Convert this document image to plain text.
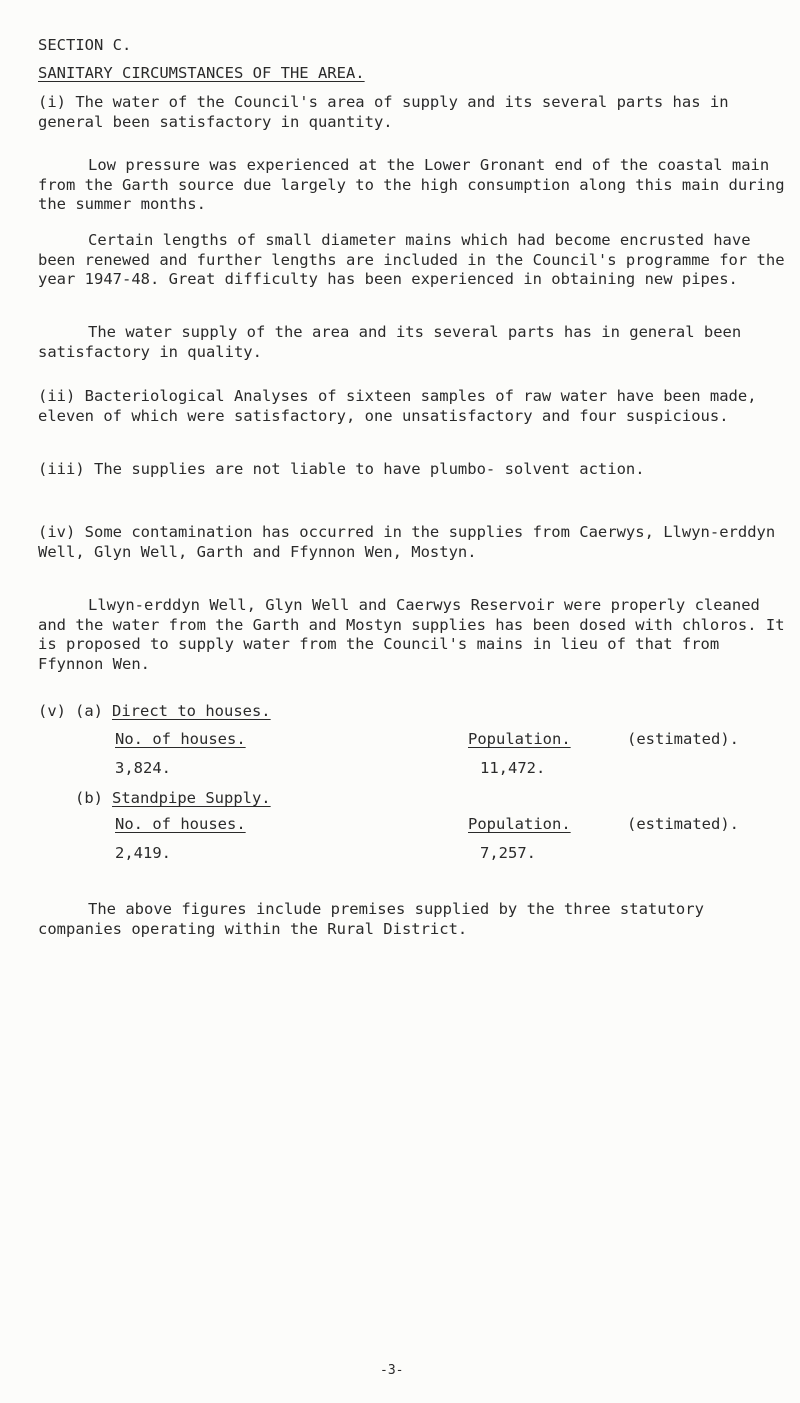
SECTION C.
SANITARY CIRCUMSTANCES OF THE AREA.
(i) The water of the Council's area of supply and its several parts has in general been satisfactory in quantity.
Low pressure was experienced at the Lower Gronant end of the coastal main from the Garth source due largely to the high consumption along this main during the summer months.
Certain lengths of small diameter mains which had become encrusted have been renewed and further lengths are included in the Council's programme for the year 1947-48. Great difficulty has been experienced in obtaining new pipes.
The water supply of the area and its several parts has in general been satisfactory in quality.
(ii) Bacteriological Analyses of sixteen samples of raw water have been made, eleven of which were satisfactory, one unsatisfactory and four suspicious.
(iii) The supplies are not liable to have plumbo- solvent action.
(iv) Some contamination has occurred in the supplies from Caerwys, Llwyn-erddyn Well, Glyn Well, Garth and Ffynnon Wen, Mostyn.
Llwyn-erddyn Well, Glyn Well and Caerwys Reservoir were properly cleaned and the water from the Garth and Mostyn supplies has been dosed with chloros. It is proposed to supply water from the Council's mains in lieu of that from Ffynnon Wen.
(v) (a) Direct to houses.
No. of houses.	Population.	(estimated).
3,824.	11,472.
(b) Standpipe Supply.
No. of houses.	Population.	(estimated).
2,419.	7,257.
The above figures include premises supplied by the three statutory companies operating within the Rural District.
-3-
